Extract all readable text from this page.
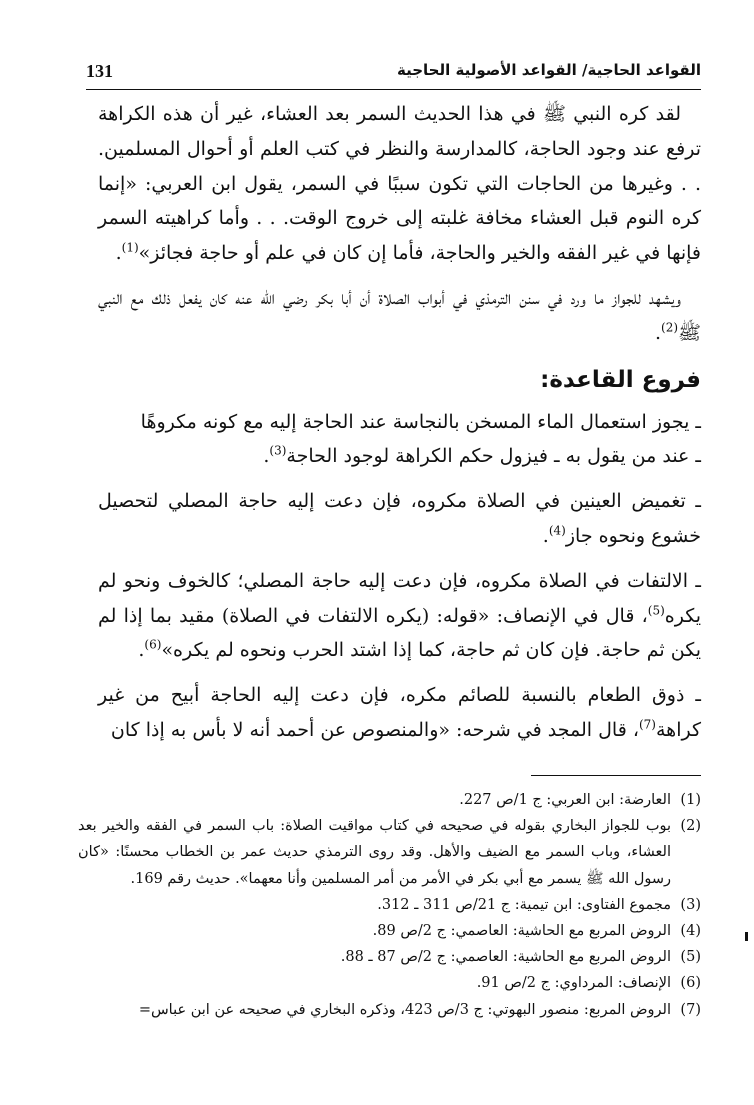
131	القواعد الحاجية/ القواعد الأصولية الحاجية

لقد كره النبي ﷺ في هذا الحديث السمر بعد العشاء، غير أن هذه الكراهة ترفع عند وجود الحاجة، كالمدارسة والنظر في كتب العلم أو أحوال المسلمين. . . وغيرها من الحاجات التي تكون سببًا في السمر، يقول ابن العربي: «إنما كره النوم قبل العشاء مخافة غلبته إلى خروج الوقت. . . وأما كراهيته السمر فإنها في غير الفقه والخير والحاجة، فأما إن كان في علم أو حاجة فجائز»$^{(1)}$.

ويشهد للجواز ما ورد في سنن الترمذي في أبواب الصلاة أن أبا بكر رضي الله عنه كان يفعل ذلك مع النبي ﷺ$^{(2)}$.

فروع القاعدة:

ـ يجوز استعمال الماء المسخن بالنجاسة عند الحاجة إليه مع كونه مكروهًا

ـ عند من يقول به ـ فيزول حكم الكراهة لوجود الحاجة$^{(3)}$.

ـ تغميض العينين في الصلاة مكروه، فإن دعت إليه حاجة المصلي لتحصيل خشوع ونحوه جاز$^{(4)}$.

ـ الالتفات في الصلاة مكروه، فإن دعت إليه حاجة المصلي؛ كالخوف ونحو لم يكره$^{(5)}$، قال في الإنصاف: «قوله: (يكره الالتفات في الصلاة) مقيد بما إذا لم يكن ثم حاجة. فإن كان ثم حاجة، كما إذا اشتد الحرب ونحوه لم يكره»$^{(6)}$.

ـ ذوق الطعام بالنسبة للصائم مكره، فإن دعت إليه الحاجة أبيح من غير كراهة$^{(7)}$، قال المجد في شرحه: «والمنصوص عن أحمد أنه لا بأس به إذا كان

(1)
العارضة: ابن العربي: ج 1/ص 227.
(2)
بوب للجواز البخاري بقوله في صحيحه في كتاب مواقيت الصلاة: باب السمر في الفقه والخير بعد العشاء، وباب السمر مع الضيف والأهل. وقد روى الترمذي حديث عمر بن الخطاب محسنًا: «كان رسول الله ﷺ يسمر مع أبي بكر في الأمر من أمر المسلمين وأنا معهما». حديث رقم 169.
(3)
مجموع الفتاوى: ابن تيمية: ج 21/ص 311 ـ 312.
(4)
الروض المربع مع الحاشية: العاصمي: ج 2/ص 89.
(5)
الروض المربع مع الحاشية: العاصمي: ج 2/ص 87 ـ 88.
(6)
الإنصاف: المرداوي: ج 2/ص 91.
(7)
الروض المربع: منصور البهوتي: ج 3/ص 423، وذكره البخاري في صحيحه عن ابن عباس=
